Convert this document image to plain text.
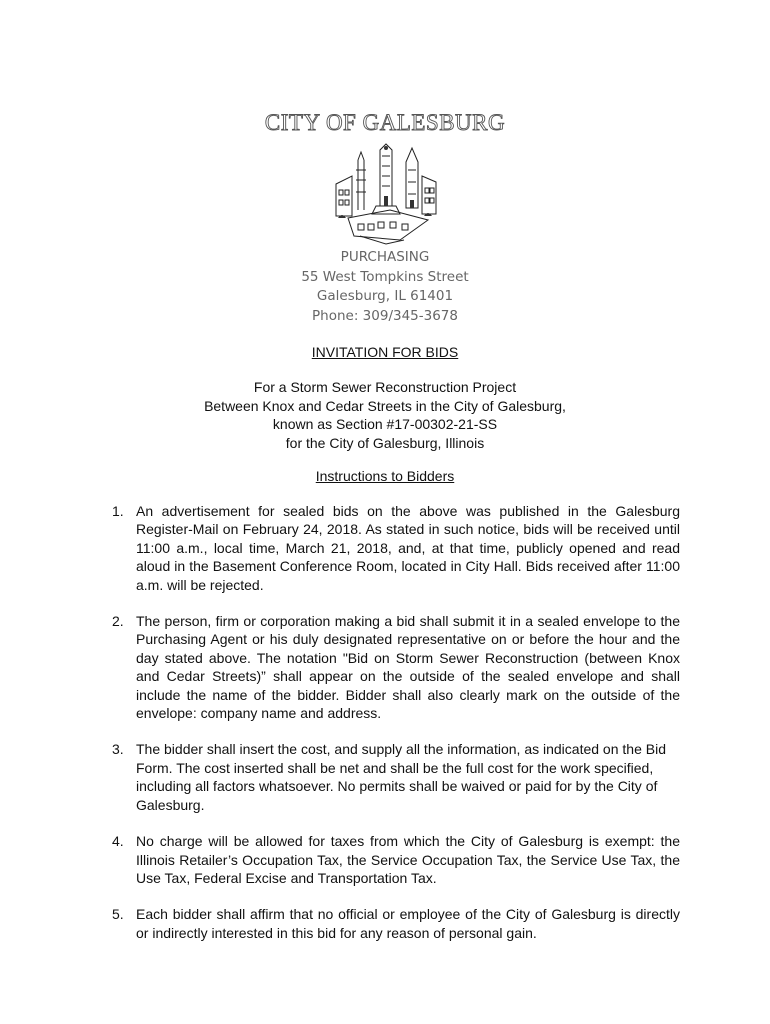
CITY OF GALESBURG
PURCHASING
55 West Tompkins Street
Galesburg, IL 61401
Phone: 309/345-3678
INVITATION FOR BIDS
For a Storm Sewer Reconstruction Project
Between Knox and Cedar Streets in the City of Galesburg,
known as Section #17-00302-21-SS
for the City of Galesburg, Illinois
Instructions to Bidders
1. An advertisement for sealed bids on the above was published in the Galesburg Register-Mail on February 24, 2018. As stated in such notice, bids will be received until 11:00 a.m., local time, March 21, 2018, and, at that time, publicly opened and read aloud in the Basement Conference Room, located in City Hall. Bids received after 11:00 a.m. will be rejected.

2. The person, firm or corporation making a bid shall submit it in a sealed envelope to the Purchasing Agent or his duly designated representative on or before the hour and the day stated above. The notation "Bid on Storm Sewer Reconstruction (between Knox and Cedar Streets)” shall appear on the outside of the sealed envelope and shall include the name of the bidder. Bidder shall also clearly mark on the outside of the envelope: company name and address.

3. The bidder shall insert the cost, and supply all the information, as indicated on the Bid Form. The cost inserted shall be net and shall be the full cost for the work specified, including all factors whatsoever. No permits shall be waived or paid for by the City of Galesburg.

4. No charge will be allowed for taxes from which the City of Galesburg is exempt: the Illinois Retailer’s Occupation Tax, the Service Occupation Tax, the Service Use Tax, the Use Tax, Federal Excise and Transportation Tax.

5. Each bidder shall affirm that no official or employee of the City of Galesburg is directly or indirectly interested in this bid for any reason of personal gain.
